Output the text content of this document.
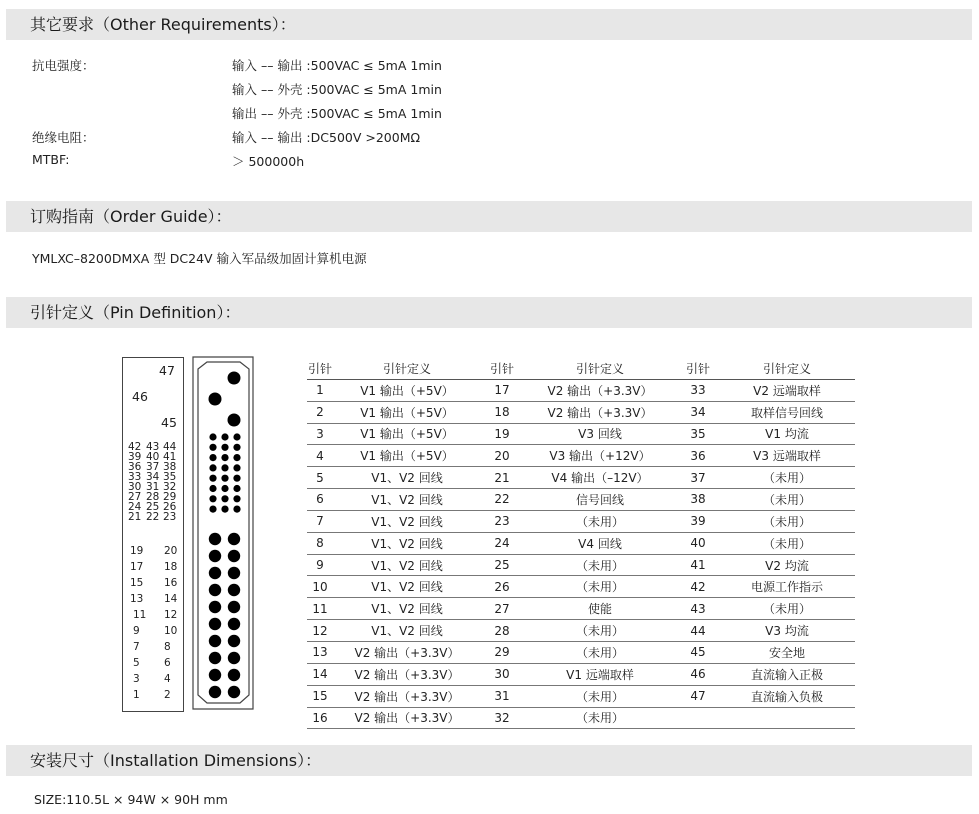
其它要求（Other Requirements）：
抗电强度：	输入 –– 输出 :500VAC ≤ 5mA 1min
输入 –– 外壳 :500VAC ≤ 5mA 1min
输出 –– 外壳 :500VAC ≤ 5mA 1min
绝缘电阻：	输入 –– 输出 :DC500V >200MΩ
MTBF:	＞ 500000h
订购指南（Order Guide）：
YMLXC–8200DMXA 型 DC24V 输入军品级加固计算机电源
引针定义（Pin Definition）：
47
46
45
42 43 44
39 40 41
36 37 38
33 34 35
30 31 32
27 28 29
24 25 26
21 22 23
19 20
17 18
15 16
13 14
11 12
9 10
7 8
5 6
3 4
1 2
引针	引针定义	引针	引针定义	引针	引针定义
1	V1 输出（+5V）	17	V2 输出（+3.3V）	33	V2 远端取样
2	V1 输出（+5V）	18	V2 输出（+3.3V）	34	取样信号回线
3	V1 输出（+5V）	19	V3 回线	35	V1 均流
4	V1 输出（+5V）	20	V3 输出（+12V）	36	V3 远端取样
5	V1、V2 回线	21	V4 输出（–12V）	37	（未用）
6	V1、V2 回线	22	信号回线	38	（未用）
7	V1、V2 回线	23	（未用）	39	（未用）
8	V1、V2 回线	24	V4 回线	40	（未用）
9	V1、V2 回线	25	（未用）	41	V2 均流
10	V1、V2 回线	26	（未用）	42	电源工作指示
11	V1、V2 回线	27	使能	43	（未用）
12	V1、V2 回线	28	（未用）	44	V3 均流
13	V2 输出（+3.3V）	29	（未用）	45	安全地
14	V2 输出（+3.3V）	30	V1 远端取样	46	直流输入正极
15	V2 输出（+3.3V）	31	（未用）	47	直流输入负极
16	V2 输出（+3.3V）	32	（未用）		
安装尺寸（Installation Dimensions）：
SIZE:110.5L × 94W × 90H mm
